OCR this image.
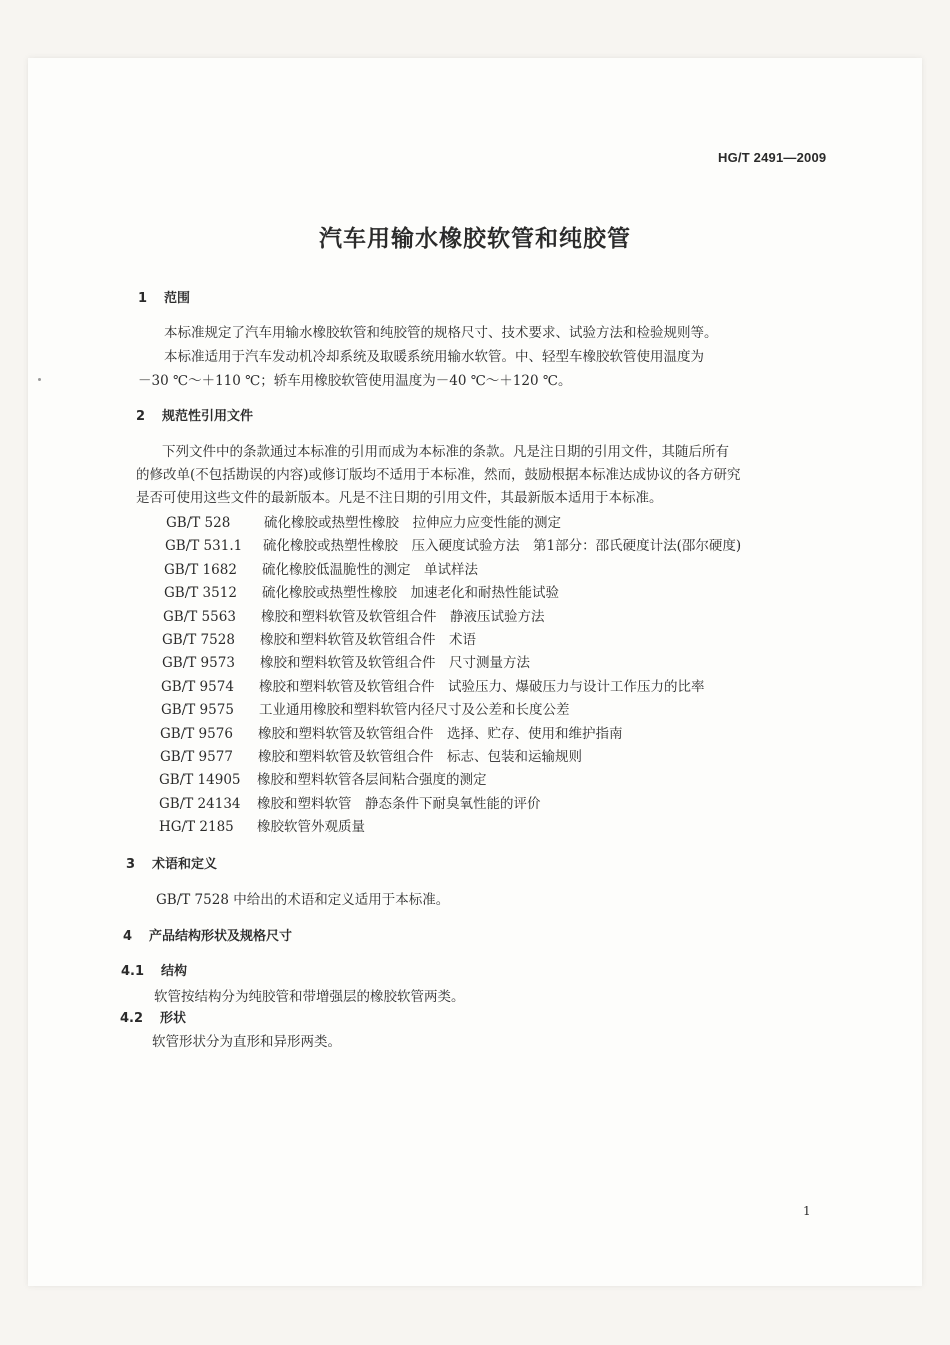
HG/T 2491—2009
汽车用输水橡胶软管和纯胶管
1 范围
本标准规定了汽车用输水橡胶软管和纯胶管的规格尺寸、技术要求、试验方法和检验规则等。
本标准适用于汽车发动机冷却系统及取暖系统用输水软管。中、轻型车橡胶软管使用温度为
－30 ℃～＋110 ℃；轿车用橡胶软管使用温度为－40 ℃～＋120 ℃。
2 规范性引用文件
下列文件中的条款通过本标准的引用而成为本标准的条款。凡是注日期的引用文件，其随后所有
的修改单(不包括勘误的内容)或修订版均不适用于本标准，然而，鼓励根据本标准达成协议的各方研究
是否可使用这些文件的最新版本。凡是不注日期的引用文件，其最新版本适用于本标准。
GB/T 528 硫化橡胶或热塑性橡胶　拉伸应力应变性能的测定
GB/T 531.1 硫化橡胶或热塑性橡胶　压入硬度试验方法　第1部分：邵氏硬度计法(邵尔硬度)
GB/T 1682 硫化橡胶低温脆性的测定　单试样法
GB/T 3512 硫化橡胶或热塑性橡胶　加速老化和耐热性能试验
GB/T 5563 橡胶和塑料软管及软管组合件　静液压试验方法
GB/T 7528 橡胶和塑料软管及软管组合件　术语
GB/T 9573 橡胶和塑料软管及软管组合件　尺寸测量方法
GB/T 9574 橡胶和塑料软管及软管组合件　试验压力、爆破压力与设计工作压力的比率
GB/T 9575 工业通用橡胶和塑料软管内径尺寸及公差和长度公差
GB/T 9576 橡胶和塑料软管及软管组合件　选择、贮存、使用和维护指南
GB/T 9577 橡胶和塑料软管及软管组合件　标志、包装和运输规则
GB/T 14905 橡胶和塑料软管各层间粘合强度的测定
GB/T 24134 橡胶和塑料软管　静态条件下耐臭氧性能的评价
HG/T 2185 橡胶软管外观质量
3 术语和定义
GB/T 7528 中给出的术语和定义适用于本标准。
4 产品结构形状及规格尺寸
4.1 结构
软管按结构分为纯胶管和带增强层的橡胶软管两类。
4.2 形状
软管形状分为直形和异形两类。
1
